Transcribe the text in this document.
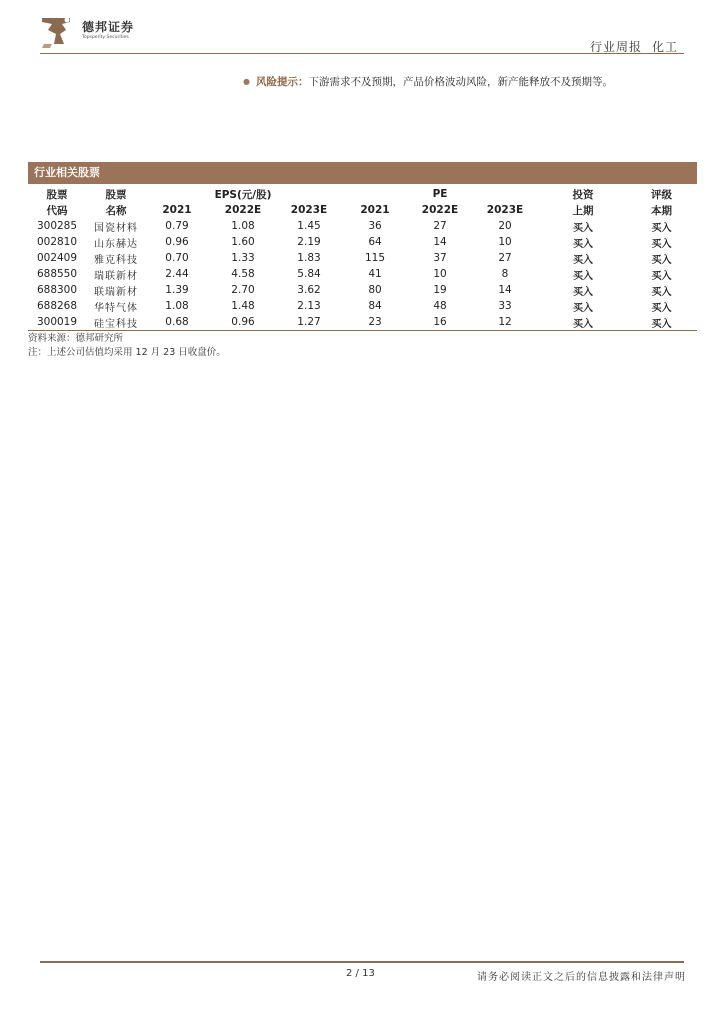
德邦证券
Topsperity Securities
行业周报 化工
● 风险提示：下游需求不及预期，产品价格波动风险，新产能释放不及预期等。
行业相关股票
股票	股票	EPS(元/股)			PE			投资	评级
代码	名称	2021	2022E	2023E	2021	2022E	2023E	上期	本期
300285	国瓷材料	0.79	1.08	1.45	36	27	20	买入	买入
002810	山东赫达	0.96	1.60	2.19	64	14	10	买入	买入
002409	雅克科技	0.70	1.33	1.83	115	37	27	买入	买入
688550	瑞联新材	2.44	4.58	5.84	41	10	8	买入	买入
688300	联瑞新材	1.39	2.70	3.62	80	19	14	买入	买入
688268	华特气体	1.08	1.48	2.13	84	48	33	买入	买入
300019	硅宝科技	0.68	0.96	1.27	23	16	12	买入	买入
资料来源：德邦研究所
注：上述公司估值均采用 12 月 23 日收盘价。
2 / 13	请务必阅读正文之后的信息披露和法律声明
